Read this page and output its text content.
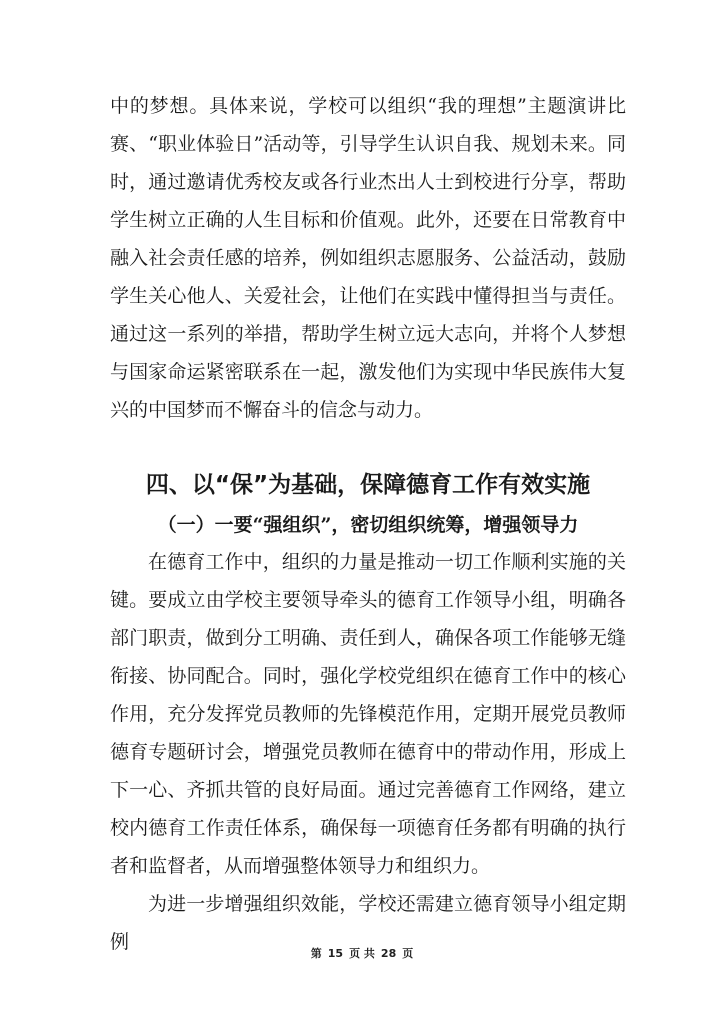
中的梦想。具体来说，学校可以组织“我的理想”主题演讲比赛、“职业体验日”活动等，引导学生认识自我、规划未来。同时，通过邀请优秀校友或各行业杰出人士到校进行分享，帮助学生树立正确的人生目标和价值观。此外，还要在日常教育中融入社会责任感的培养，例如组织志愿服务、公益活动，鼓励学生关心他人、关爱社会，让他们在实践中懂得担当与责任。通过这一系列的举措，帮助学生树立远大志向，并将个人梦想与国家命运紧密联系在一起，激发他们为实现中华民族伟大复兴的中国梦而不懈奋斗的信念与动力。

四、以“保”为基础，保障德育工作有效实施
（一）一要“强组织”，密切组织统筹，增强领导力

在德育工作中，组织的力量是推动一切工作顺利实施的关键。要成立由学校主要领导牵头的德育工作领导小组，明确各部门职责，做到分工明确、责任到人，确保各项工作能够无缝衔接、协同配合。同时，强化学校党组织在德育工作中的核心作用，充分发挥党员教师的先锋模范作用，定期开展党员教师德育专题研讨会，增强党员教师在德育中的带动作用，形成上下一心、齐抓共管的良好局面。通过完善德育工作网络，建立校内德育工作责任体系，确保每一项德育任务都有明确的执行者和监督者，从而增强整体领导力和组织力。

为进一步增强组织效能，学校还需建立德育领导小组定期例

第 15 页 共 28 页
